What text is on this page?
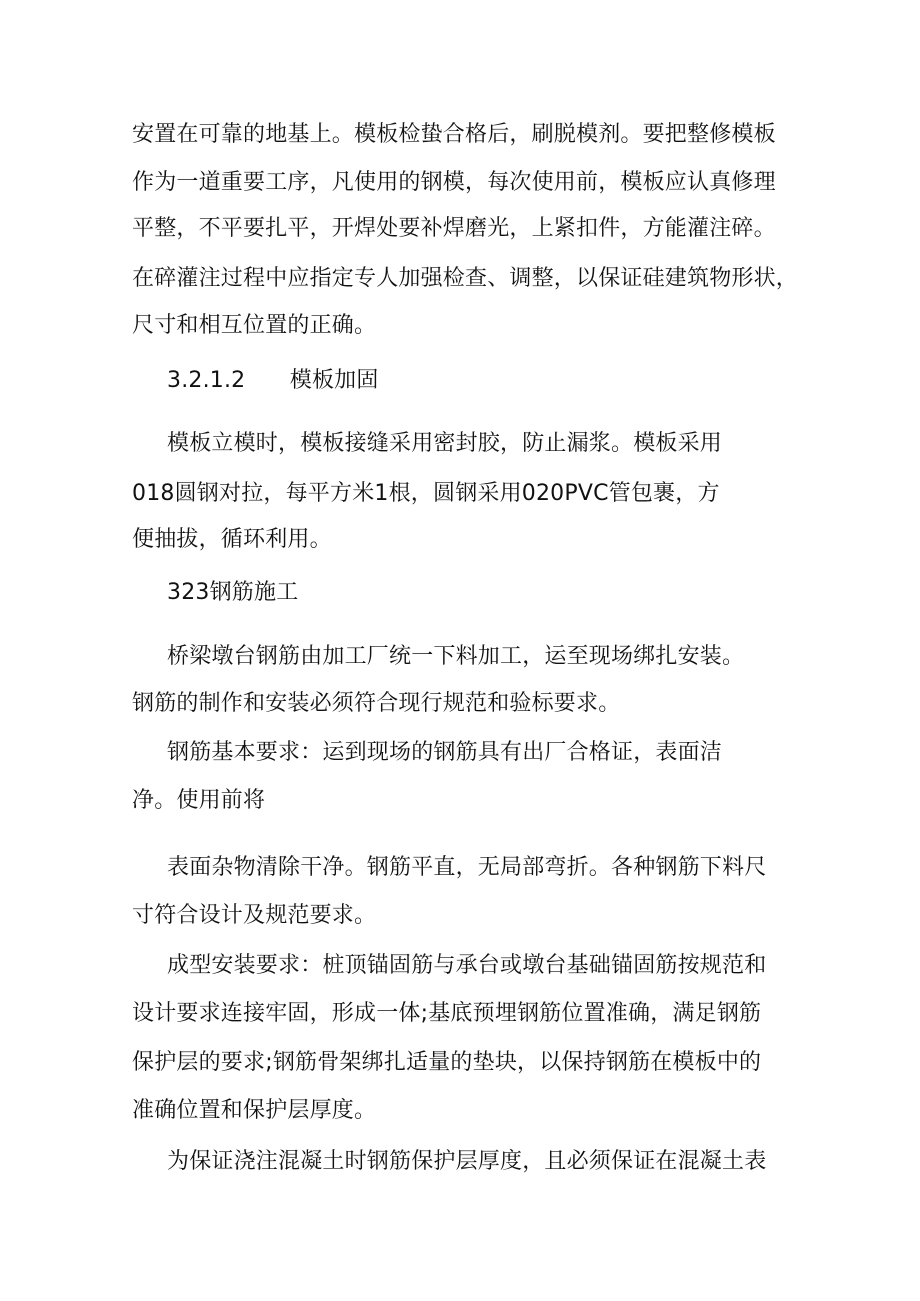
安置在可靠的地基上。模板检蛰合格后，刷脱模剂。要把整修模板
作为一道重要工序，凡使用的钢模，每次使用前，模板应认真修理
平整，不平要扎平，开焊处要补焊磨光，上紧扣件，方能灌注碎。
在碎灌注过程中应指定专人加强检查、调整，以保证硅建筑物形状，
尺寸和相互位置的正确。
3.2.1.2　　模板加固
模板立模时，模板接缝采用密封胶，防止漏浆。模板采用
018圆钢对拉，每平方米1根，圆钢采用020PVC管包裹，方
便抽拔，循环利用。
323钢筋施工
桥梁墩台钢筋由加工厂统一下料加工，运至现场绑扎安装。
钢筋的制作和安装必须符合现行规范和验标要求。
钢筋基本要求：运到现场的钢筋具有出厂合格证，表面洁
净。使用前将
表面杂物清除干净。钢筋平直，无局部弯折。各种钢筋下料尺
寸符合设计及规范要求。
成型安装要求：桩顶锚固筋与承台或墩台基础锚固筋按规范和
设计要求连接牢固，形成一体;基底预埋钢筋位置准确，满足钢筋
保护层的要求;钢筋骨架绑扎适量的垫块，以保持钢筋在模板中的
准确位置和保护层厚度。
为保证浇注混凝土时钢筋保护层厚度，且必须保证在混凝土表
